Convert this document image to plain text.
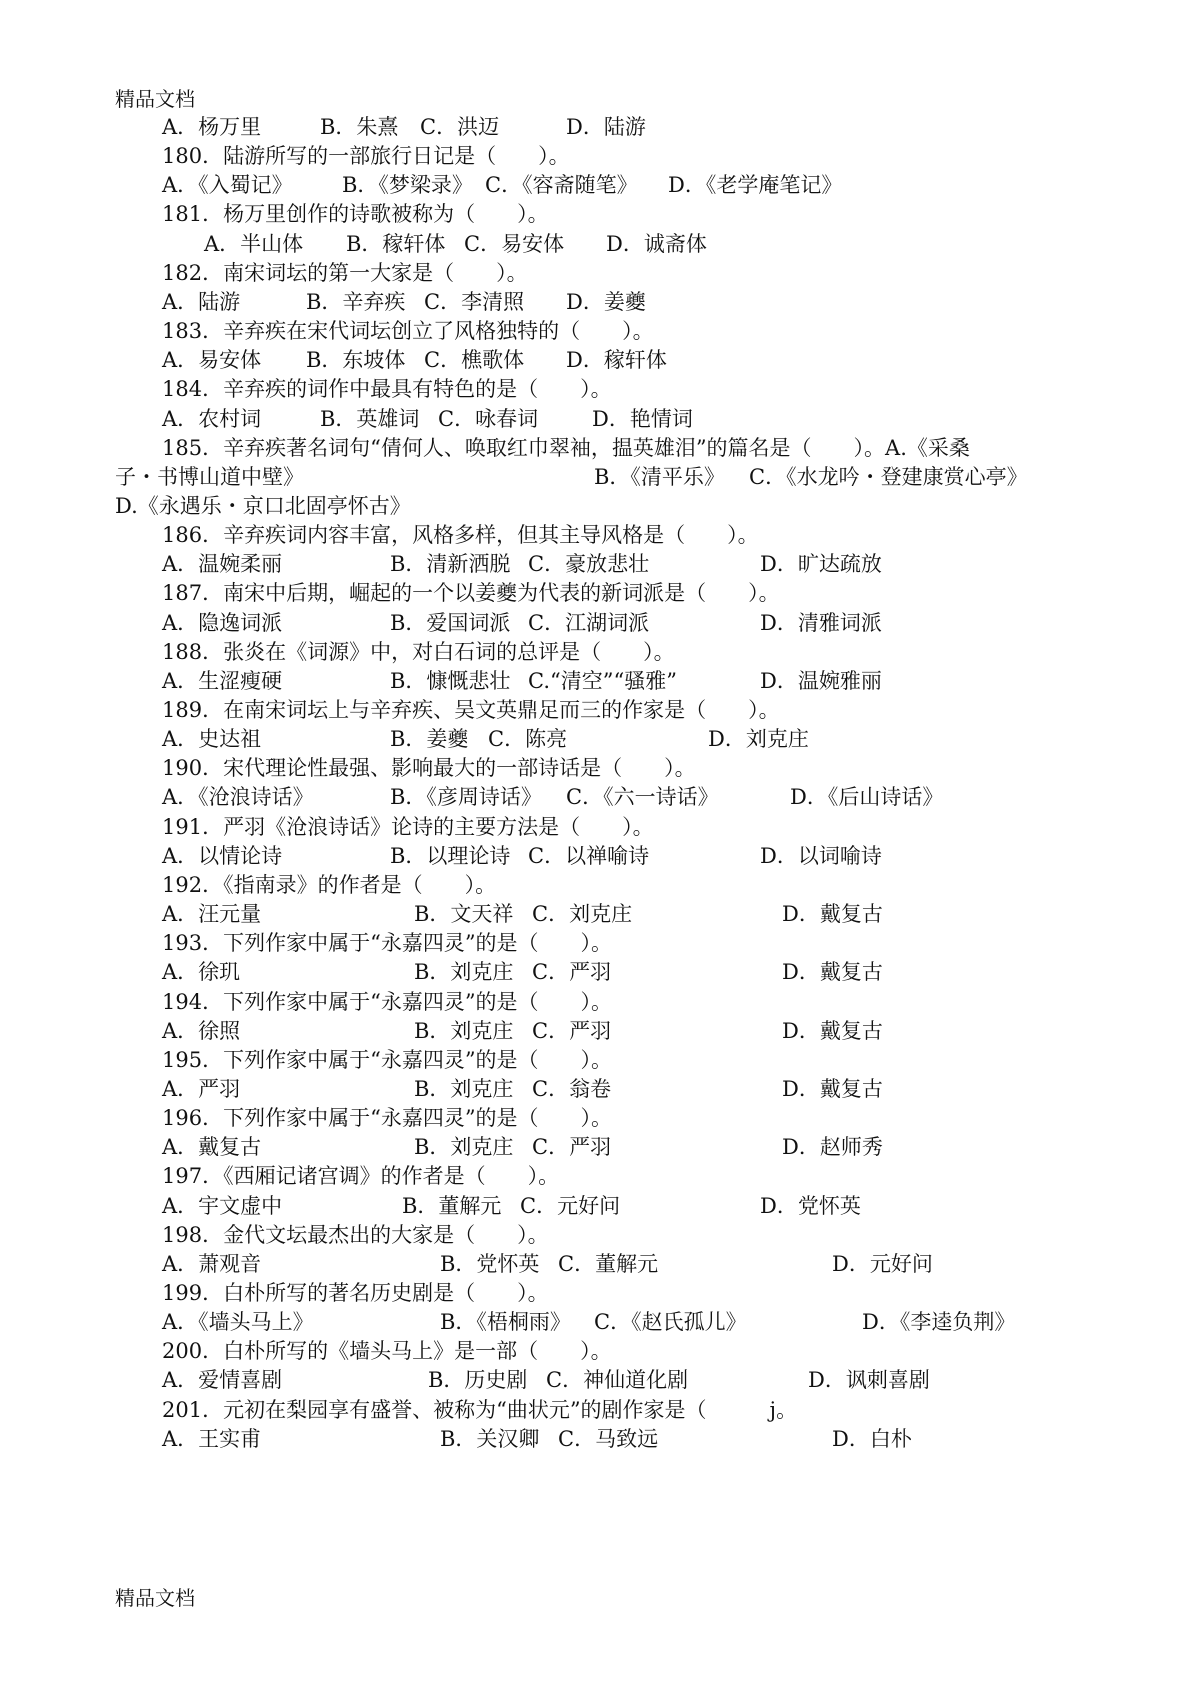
精品文档
A．杨万里	B．朱熹 C．洪迈	D．陆游
180．陆游所写的一部旅行日记是（　　）。
A．《入蜀记》 B．《梦梁录》 C．《容斋随笔》 D．《老学庵笔记》
181．杨万里创作的诗歌被称为（　　）。
A．半山体 B．稼轩体 C．易安体 D．诚斋体
182．南宋词坛的第一大家是（　　）。
A．陆游	B．辛弃疾 C．李清照 D．姜夔
183．辛弃疾在宋代词坛创立了风格独特的（　　）。
A．易安体 B．东坡体 C．樵歌体 D．稼轩体
184．辛弃疾的词作中最具有特色的是（　　）。
A．农村词	B．英雄词 C．咏春词	D．艳情词
185．辛弃疾著名词句“倩何人、唤取红巾翠袖，揾英雄泪”的篇名是（　　）。A.《采桑
子・书博山道中壁》	B．《清平乐》 C．《水龙吟・登建康赏心亭》
D.《永遇乐・京口北固亭怀古》
186．辛弃疾词内容丰富，风格多样，但其主导风格是（　　）。
A．温婉柔丽	B．清新洒脱 C．豪放悲壮	D．旷达疏放
187．南宋中后期，崛起的一个以姜夔为代表的新词派是（　　）。
A．隐逸词派	B．爱国词派 C．江湖词派	D．清雅词派
188．张炎在《词源》中，对白石词的总评是（　　）。
A．生涩瘦硬	B．慷慨悲壮 C.“清空”“骚雅”	D．温婉雅丽
189．在南宋词坛上与辛弃疾、吴文英鼎足而三的作家是（　　）。
A．史达祖	B．姜夔 C．陈亮	D．刘克庄
190．宋代理论性最强、影响最大的一部诗话是（　　）。
A．《沧浪诗话》	B．《彦周诗话》 C．《六一诗话》	D．《后山诗话》
191．严羽《沧浪诗话》论诗的主要方法是（　　）。
A．以情论诗	B．以理论诗 C．以禅喻诗	D．以词喻诗
192．《指南录》的作者是（　　）。
A．汪元量	B．文天祥 C．刘克庄	D．戴复古
193．下列作家中属于“永嘉四灵”的是（　　）。
A．徐玑	B．刘克庄 C．严羽	D．戴复古
194．下列作家中属于“永嘉四灵”的是（　　）。
A．徐照	B．刘克庄 C．严羽	D．戴复古
195．下列作家中属于“永嘉四灵”的是（　　）。
A．严羽	B．刘克庄 C．翁卷	D．戴复古
196．下列作家中属于“永嘉四灵”的是（　　）。
A．戴复古	B．刘克庄 C．严羽	D．赵师秀
197．《西厢记诸宫调》的作者是（　　）。
A．宇文虚中	B．董解元 C．元好问	D．党怀英
198．金代文坛最杰出的大家是（　　）。
A．萧观音	B．党怀英 C．董解元	D．元好问
199．白朴所写的著名历史剧是（　　）。
A．《墙头马上》	B．《梧桐雨》 C．《赵氏孤儿》	D．《李逵负荆》
200．白朴所写的《墙头马上》是一部（　　）。
A．爱情喜剧	B．历史剧 C．神仙道化剧	D．讽刺喜剧
201．元初在梨园享有盛誉、被称为“曲状元”的剧作家是（　　　j。
A．王实甫	B．关汉卿 C．马致远	D．白朴
精品文档
